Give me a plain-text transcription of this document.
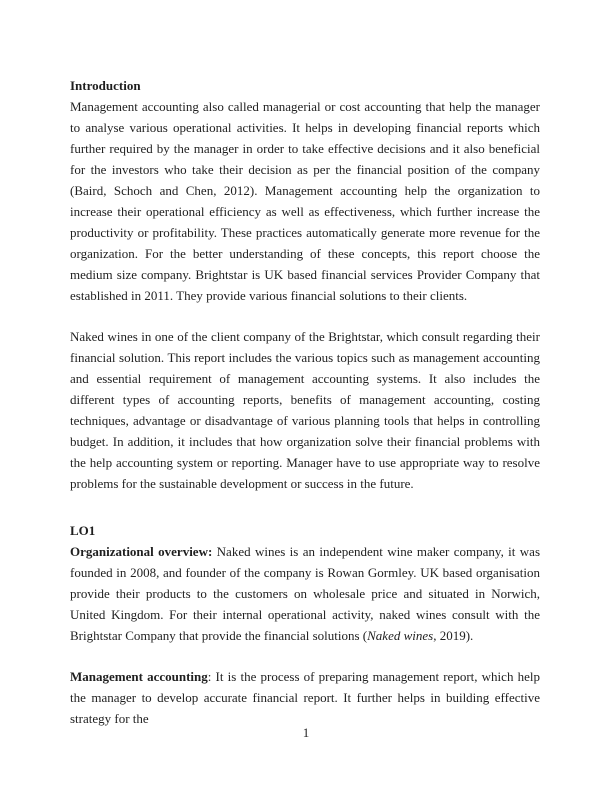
Introduction

Management accounting also called managerial or cost accounting that help the manager to analyse various operational activities. It helps in developing financial reports which further required by the manager in order to take effective decisions and it also beneficial for the investors who take their decision as per the financial position of the company (Baird, Schoch and Chen, 2012). Management accounting help the organization to increase their operational efficiency as well as effectiveness, which further increase the productivity or profitability. These practices automatically generate more revenue for the organization. For the better understanding of these concepts, this report choose the medium size company. Brightstar is UK based financial services Provider Company that established in 2011. They provide various financial solutions to their clients.

Naked wines in one of the client company of the Brightstar, which consult regarding their financial solution. This report includes the various topics such as management accounting and essential requirement of management accounting systems. It also includes the different types of accounting reports, benefits of management accounting, costing techniques, advantage or disadvantage of various planning tools that helps in controlling budget. In addition, it includes that how organization solve their financial problems with the help accounting system or reporting. Manager have to use appropriate way to resolve problems for the sustainable development or success in the future.

LO1

Organizational overview: Naked wines is an independent wine maker company, it was founded in 2008, and founder of the company is Rowan Gormley. UK based organisation provide their products to the customers on wholesale price and situated in Norwich, United Kingdom. For their internal operational activity, naked wines consult with the Brightstar Company that provide the financial solutions (Naked wines, 2019).

Management accounting: It is the process of preparing management report, which help the manager to develop accurate financial report. It further helps in building effective strategy for the

1
